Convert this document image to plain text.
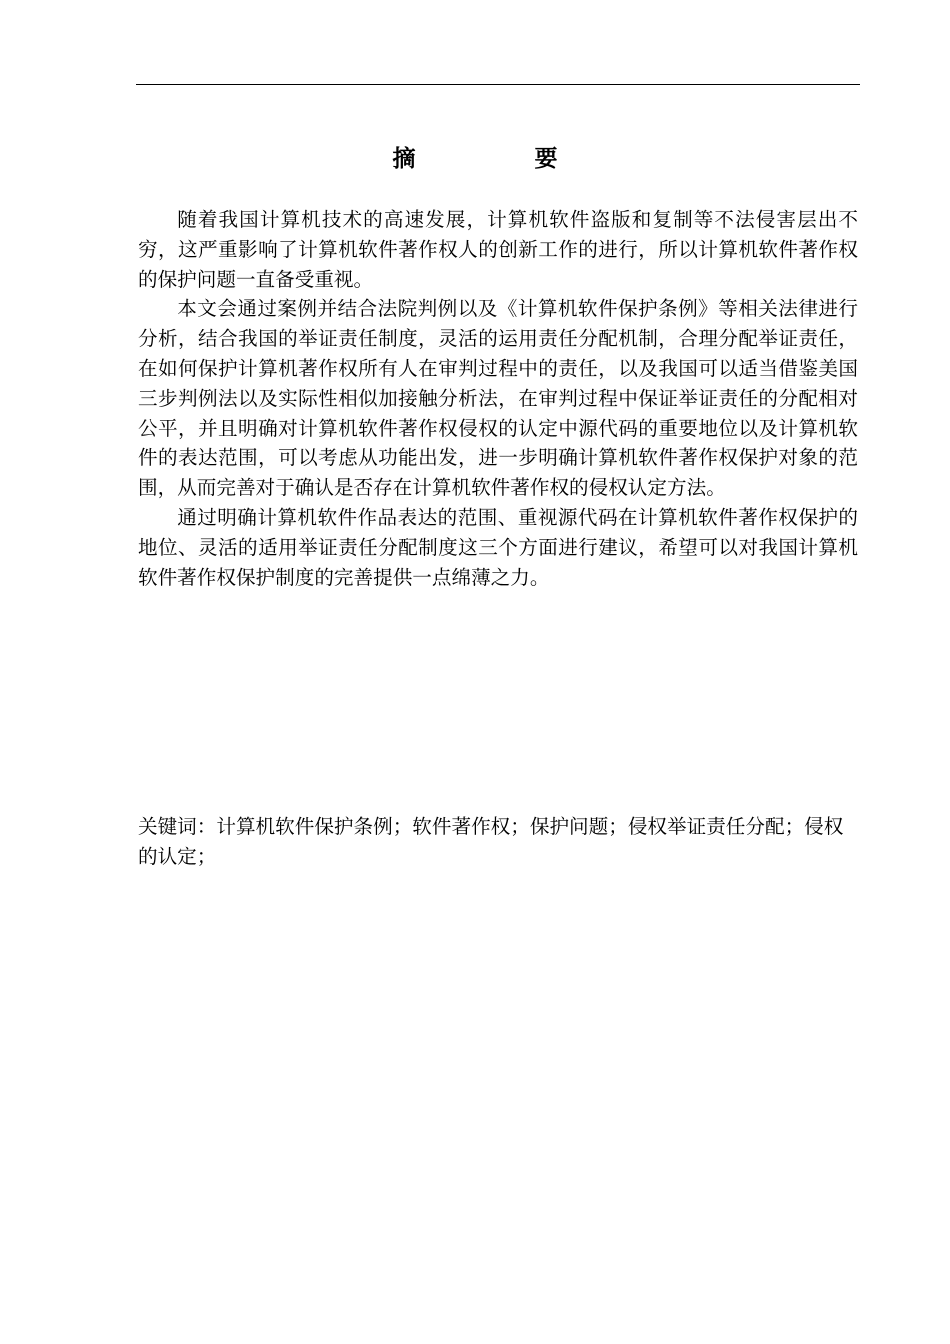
摘　要

随着我国计算机技术的高速发展，计算机软件盗版和复制等不法侵害层出不穷，这严重影响了计算机软件著作权人的创新工作的进行，所以计算机软件著作权的保护问题一直备受重视。

本文会通过案例并结合法院判例以及《计算机软件保护条例》等相关法律进行分析，结合我国的举证责任制度，灵活的运用责任分配机制，合理分配举证责任，在如何保护计算机著作权所有人在审判过程中的责任，以及我国可以适当借鉴美国三步判例法以及实际性相似加接触分析法，在审判过程中保证举证责任的分配相对公平，并且明确对计算机软件著作权侵权的认定中源代码的重要地位以及计算机软件的表达范围，可以考虑从功能出发，进一步明确计算机软件著作权保护对象的范围，从而完善对于确认是否存在计算机软件著作权的侵权认定方法。

通过明确计算机软件作品表达的范围、重视源代码在计算机软件著作权保护的地位、灵活的适用举证责任分配制度这三个方面进行建议，希望可以对我国计算机软件著作权保护制度的完善提供一点绵薄之力。

关键词：计算机软件保护条例；软件著作权；保护问题；侵权举证责任分配；侵权的认定；
